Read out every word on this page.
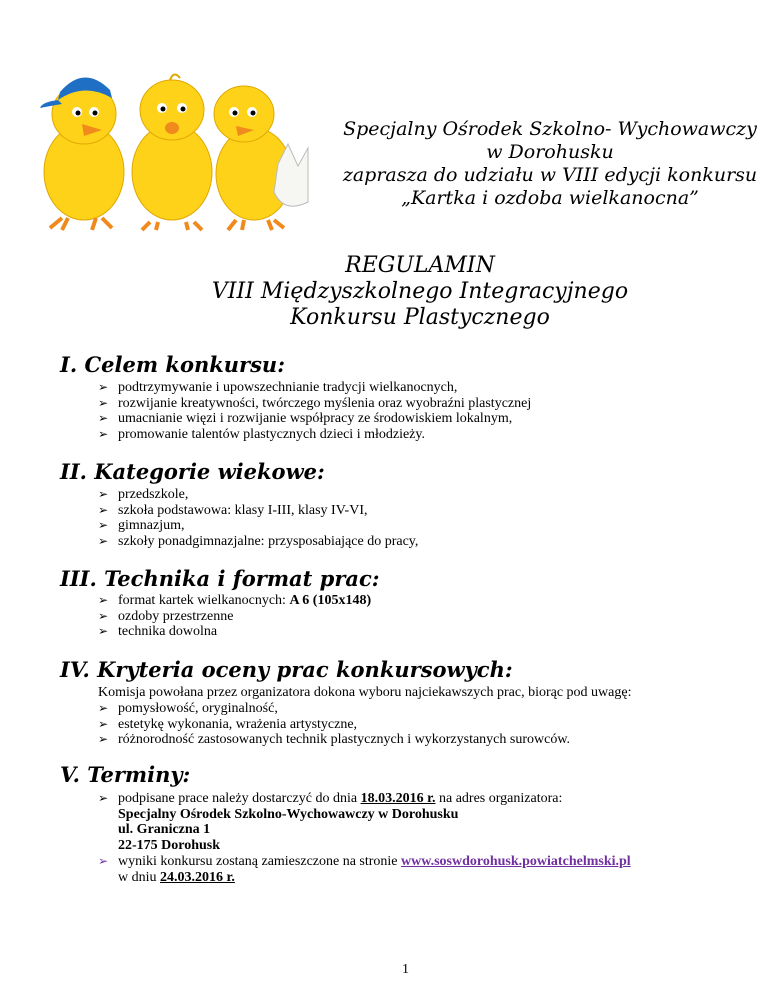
Specjalny Ośrodek Szkolno- Wychowawczy
w Dorohusku
zaprasza do udziału w VIII edycji konkursu
„Kartka i ozdoba wielkanocna”
REGULAMIN
VIII Międzyszkolnego Integracyjnego
Konkursu Plastycznego
I. Celem konkursu:
➢ podtrzymywanie i upowszechnianie tradycji wielkanocnych,
➢ rozwijanie kreatywności, twórczego myślenia oraz wyobraźni plastycznej
➢ umacnianie więzi i rozwijanie współpracy ze środowiskiem lokalnym,
➢ promowanie talentów plastycznych dzieci i młodzieży.
II. Kategorie wiekowe:
➢ przedszkole,
➢ szkoła podstawowa: klasy I-III, klasy IV-VI,
➢ gimnazjum,
➢ szkoły ponadgimnazjalne: przysposabiające do pracy,
III. Technika i format prac:
➢ format kartek wielkanocnych: A 6 (105x148)
➢ ozdoby przestrzenne
➢ technika dowolna
IV. Kryteria oceny prac konkursowych:
Komisja powołana przez organizatora dokona wyboru najciekawszych prac, biorąc pod uwagę:
➢ pomysłowość, oryginalność,
➢ estetykę wykonania, wrażenia artystyczne,
➢ różnorodność zastosowanych technik plastycznych i wykorzystanych surowców.
V. Terminy:
➢ podpisane prace należy dostarczyć do dnia 18.03.2016 r. na adres organizatora:
Specjalny Ośrodek Szkolno-Wychowawczy w Dorohusku
ul. Graniczna 1
22-175 Dorohusk
➢ wyniki konkursu zostaną zamieszczone na stronie www.soswdorohusk.powiatchelmski.pl
w dniu 24.03.2016 r.
1
